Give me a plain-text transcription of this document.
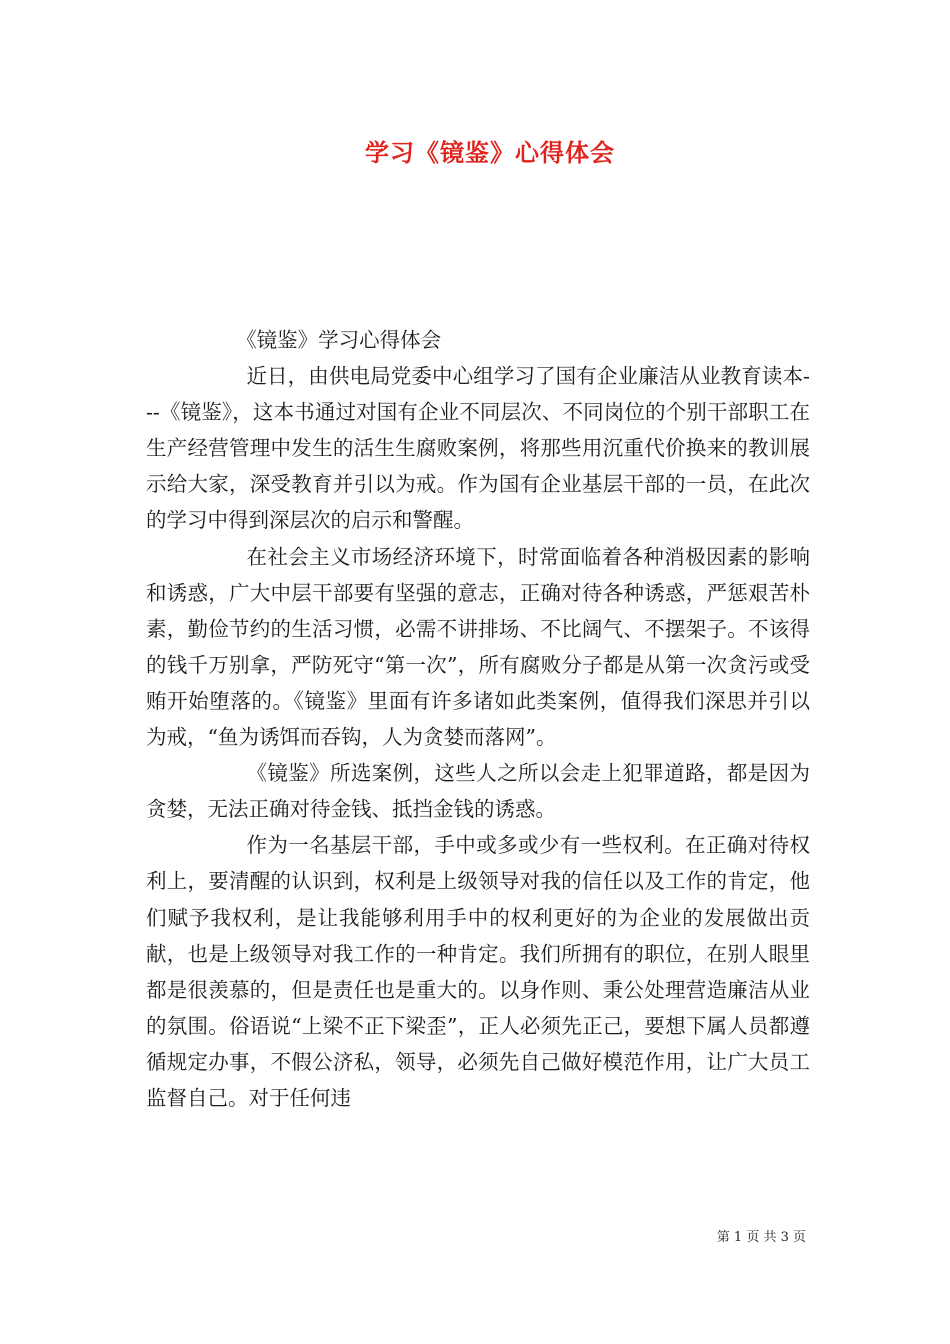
学习《镜鉴》心得体会

《镜鉴》学习心得体会

近日，由供电局党委中心组学习了国有企业廉洁从业教育读本---《镜鉴》，这本书通过对国有企业不同层次、不同岗位的个别干部职工在生产经营管理中发生的活生生腐败案例，将那些用沉重代价换来的教训展示给大家，深受教育并引以为戒。作为国有企业基层干部的一员，在此次的学习中得到深层次的启示和警醒。

在社会主义市场经济环境下，时常面临着各种消极因素的影响和诱惑，广大中层干部要有坚强的意志，正确对待各种诱惑，严惩艰苦朴素，勤俭节约的生活习惯，必需不讲排场、不比阔气、不摆架子。不该得的钱千万别拿，严防死守“第一次”，所有腐败分子都是从第一次贪污或受贿开始堕落的。《镜鉴》里面有许多诸如此类案例，值得我们深思并引以为戒，“鱼为诱饵而吞钩，人为贪婪而落网”。

《镜鉴》所选案例，这些人之所以会走上犯罪道路，都是因为贪婪，无法正确对待金钱、抵挡金钱的诱惑。

作为一名基层干部，手中或多或少有一些权利。在正确对待权利上，要清醒的认识到，权利是上级领导对我的信任以及工作的肯定，他们赋予我权利，是让我能够利用手中的权利更好的为企业的发展做出贡献，也是上级领导对我工作的一种肯定。我们所拥有的职位，在别人眼里都是很羡慕的，但是责任也是重大的。以身作则、秉公处理营造廉洁从业的氛围。俗语说“上梁不正下梁歪”，正人必须先正己，要想下属人员都遵循规定办事，不假公济私，领导，必须先自己做好模范作用，让广大员工监督自己。对于任何违

第 1 页 共 3 页
